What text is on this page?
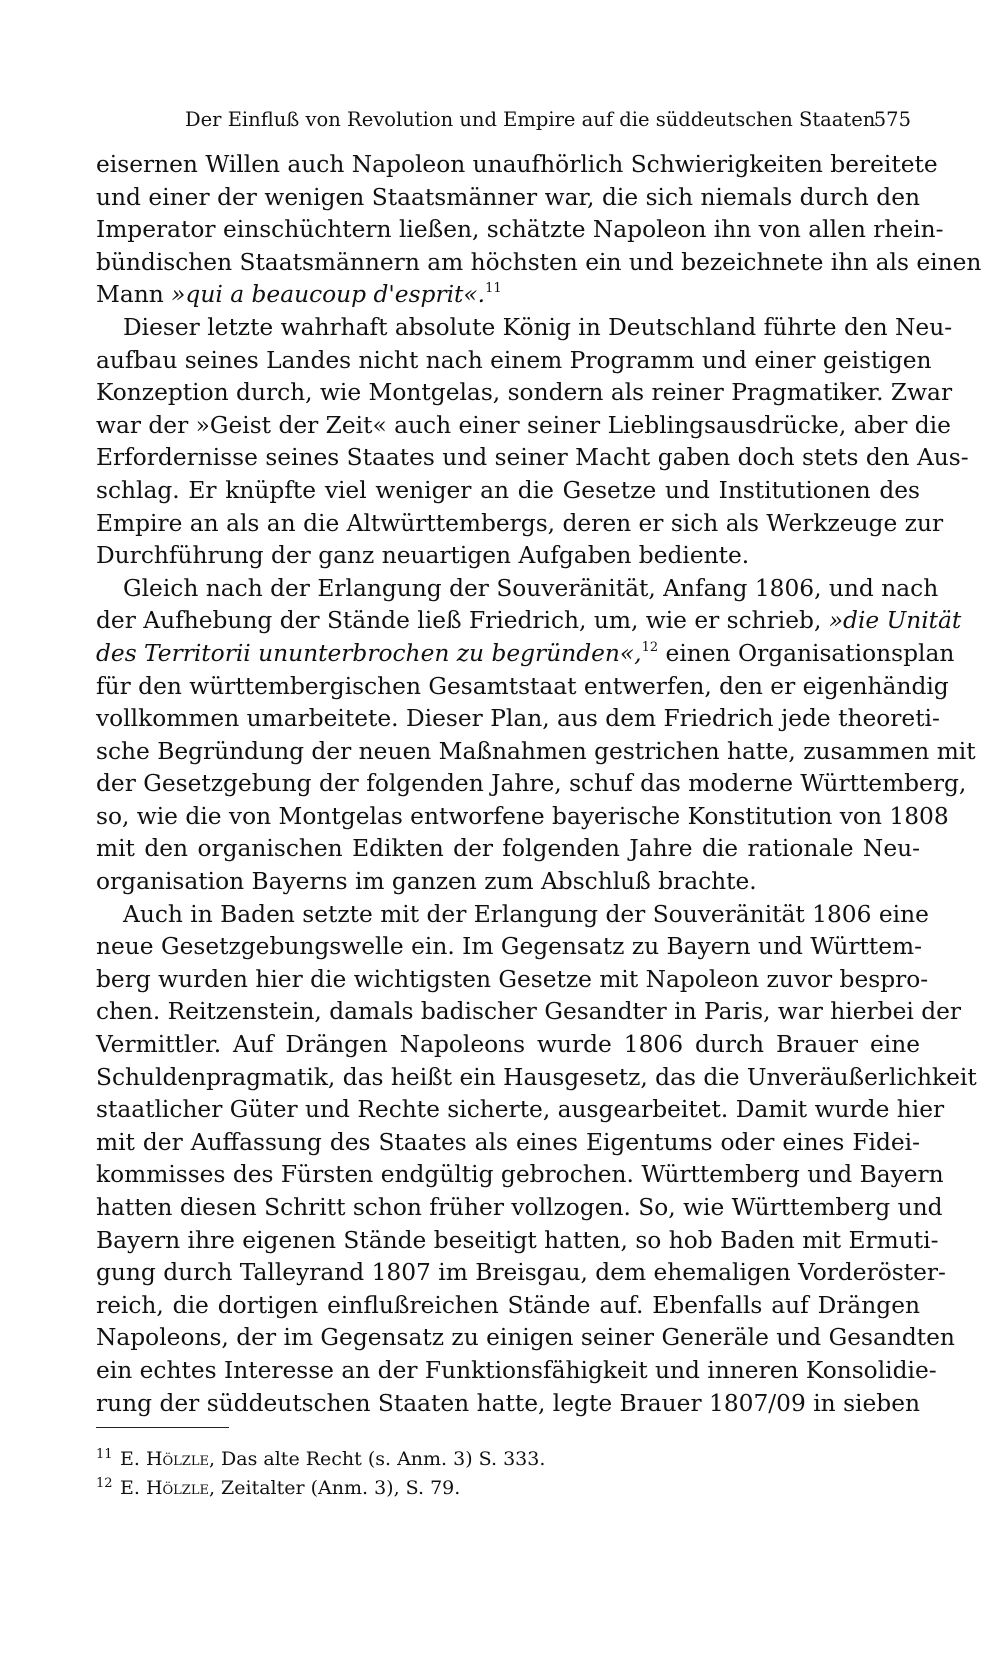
Der Einfluß von Revolution und Empire auf die süddeutschen Staaten
575
eisernen Willen auch Napoleon unaufhörlich Schwierigkeiten bereitete
und einer der wenigen Staatsmänner war, die sich niemals durch den
Imperator einschüchtern ließen, schätzte Napoleon ihn von allen rhein-
bündischen Staatsmännern am höchsten ein und bezeichnete ihn als einen
Mann »qui a beaucoup d'esprit«.$^{11}$
Dieser letzte wahrhaft absolute König in Deutschland führte den Neu-
aufbau seines Landes nicht nach einem Programm und einer geistigen
Konzeption durch, wie Montgelas, sondern als reiner Pragmatiker. Zwar
war der »Geist der Zeit« auch einer seiner Lieblingsausdrücke, aber die
Erfordernisse seines Staates und seiner Macht gaben doch stets den Aus-
schlag. Er knüpfte viel weniger an die Gesetze und Institutionen des
Empire an als an die Altwürttembergs, deren er sich als Werkzeuge zur
Durchführung der ganz neuartigen Aufgaben bediente.
Gleich nach der Erlangung der Souveränität, Anfang 1806, und nach
der Aufhebung der Stände ließ Friedrich, um, wie er schrieb, »die Unität
des Territorii ununterbrochen zu begründen«,$^{12}$ einen Organisationsplan
für den württembergischen Gesamtstaat entwerfen, den er eigenhändig
vollkommen umarbeitete. Dieser Plan, aus dem Friedrich jede theoreti-
sche Begründung der neuen Maßnahmen gestrichen hatte, zusammen mit
der Gesetzgebung der folgenden Jahre, schuf das moderne Württemberg,
so, wie die von Montgelas entworfene bayerische Konstitution von 1808
mit den organischen Edikten der folgenden Jahre die rationale Neu-
organisation Bayerns im ganzen zum Abschluß brachte.
Auch in Baden setzte mit der Erlangung der Souveränität 1806 eine
neue Gesetzgebungswelle ein. Im Gegensatz zu Bayern und Württem-
berg wurden hier die wichtigsten Gesetze mit Napoleon zuvor bespro-
chen. Reitzenstein, damals badischer Gesandter in Paris, war hierbei der
Vermittler. Auf Drängen Napoleons wurde 1806 durch Brauer eine
Schuldenpragmatik, das heißt ein Hausgesetz, das die Unveräußerlichkeit
staatlicher Güter und Rechte sicherte, ausgearbeitet. Damit wurde hier
mit der Auffassung des Staates als eines Eigentums oder eines Fidei-
kommisses des Fürsten endgültig gebrochen. Württemberg und Bayern
hatten diesen Schritt schon früher vollzogen. So, wie Württemberg und
Bayern ihre eigenen Stände beseitigt hatten, so hob Baden mit Ermuti-
gung durch Talleyrand 1807 im Breisgau, dem ehemaligen Vorderöster-
reich, die dortigen einflußreichen Stände auf. Ebenfalls auf Drängen
Napoleons, der im Gegensatz zu einigen seiner Generäle und Gesandten
ein echtes Interesse an der Funktionsfähigkeit und inneren Konsolidie-
rung der süddeutschen Staaten hatte, legte Brauer 1807/09 in sieben
11 E. Hölzle, Das alte Recht (s. Anm. 3) S. 333.
12 E. Hölzle, Zeitalter (Anm. 3), S. 79.
